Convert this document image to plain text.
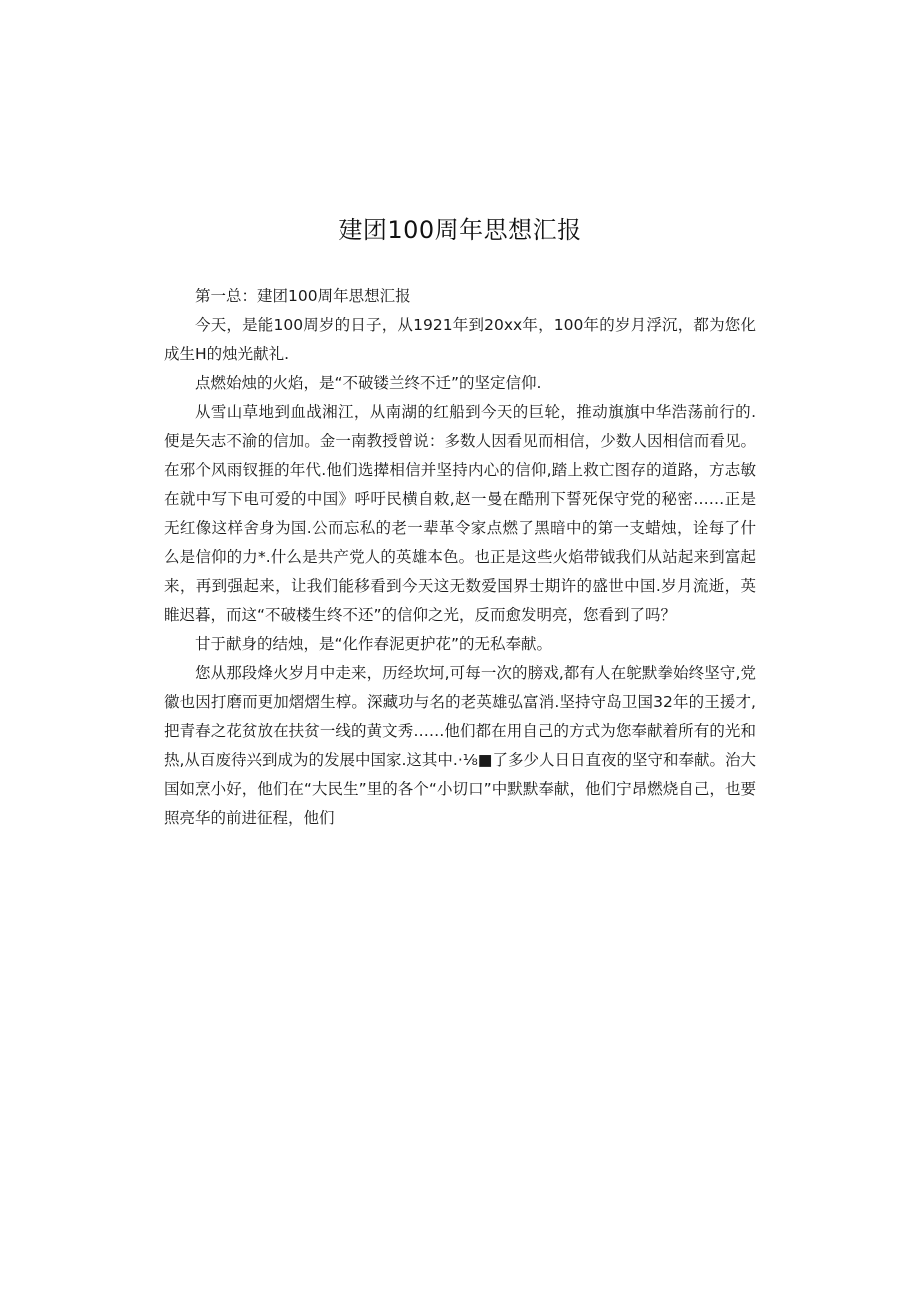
建团100周年思想汇报

第一总：建团100周年思想汇报

今天，是能100周岁的日子，从1921年到20xx年，100年的岁月浮沉，都为您化成生H的烛光献礼.

点燃始烛的火焰，是“不破镂兰终不迁”的坚定信仰.

从雪山草地到血战湘江，从南湖的红船到今天的巨轮，推动旗旗中华浩荡前行的.便是矢志不渝的信加。金一南教授曾说：多数人因看见而相信，少数人因相信而看见。在邪个风雨钗捱的年代.他们选撵相信并坚持内心的信仰,踏上救亡图存的道路，方志敏在就中写下电可爱的中国》呼吁民横自敕,赵一曼在酷刑下誓死保守党的秘密……正是无红像这样舍身为国.公而忘私的老一辈革令家点燃了黑暗中的第一支蜡烛，诠每了什么是信仰的力*.什么是共产党人的英雄本色。也正是这些火焰带钺我们从站起来到富起来，再到强起来，让我们能移看到今天这无数爱国界士期许的盛世中国.岁月流逝，英睢迟暮，而这“不破楼生终不还”的信仰之光，反而愈发明亮，您看到了吗？

甘于献身的结烛，是“化作春泥更护花”的无私奉献。

您从那段烽火岁月中走来，历经坎坷,可每一次的膀戏,都有人在鸵默拳始终坚守,党徽也因打磨而更加熠熠生椁。深藏功与名的老英雄弘富消.坚持守岛卫国32年的王援才,把青春之花贫放在扶贫一线的黄文秀……他们都在用自己的方式为您奉献着所有的光和热,从百废待兴到成为的发展中国家.这其中.·⅛■了多少人日日直夜的坚守和奉献。治大国如烹小好，他们在“大民生”里的各个“小切口”中默默奉献，他们宁昂燃烧自己，也要照亮华的前进征程，他们
